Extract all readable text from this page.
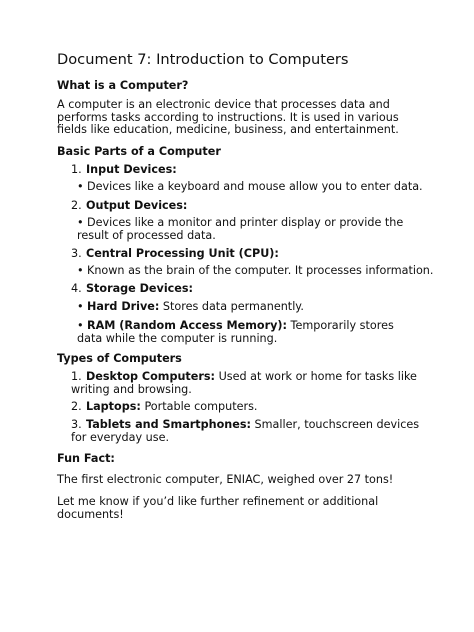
Document 7: Introduction to Computers
What is a Computer?

A computer is an electronic device that processes data and performs tasks according to instructions. It is used in various fields like education, medicine, business, and entertainment.

Basic Parts of a Computer

1. Input Devices:

• Devices like a keyboard and mouse allow you to enter data.

2. Output Devices:

• Devices like a monitor and printer display or provide the result of processed data.

3. Central Processing Unit (CPU):

• Known as the brain of the computer. It processes information.

4. Storage Devices:

• Hard Drive: Stores data permanently.

• RAM (Random Access Memory): Temporarily stores data while the computer is running.

Types of Computers

1. Desktop Computers: Used at work or home for tasks like writing and browsing.

2. Laptops: Portable computers.

3. Tablets and Smartphones: Smaller, touchscreen devices for everyday use.

Fun Fact:

The first electronic computer, ENIAC, weighed over 27 tons!

Let me know if you’d like further refinement or additional documents!
